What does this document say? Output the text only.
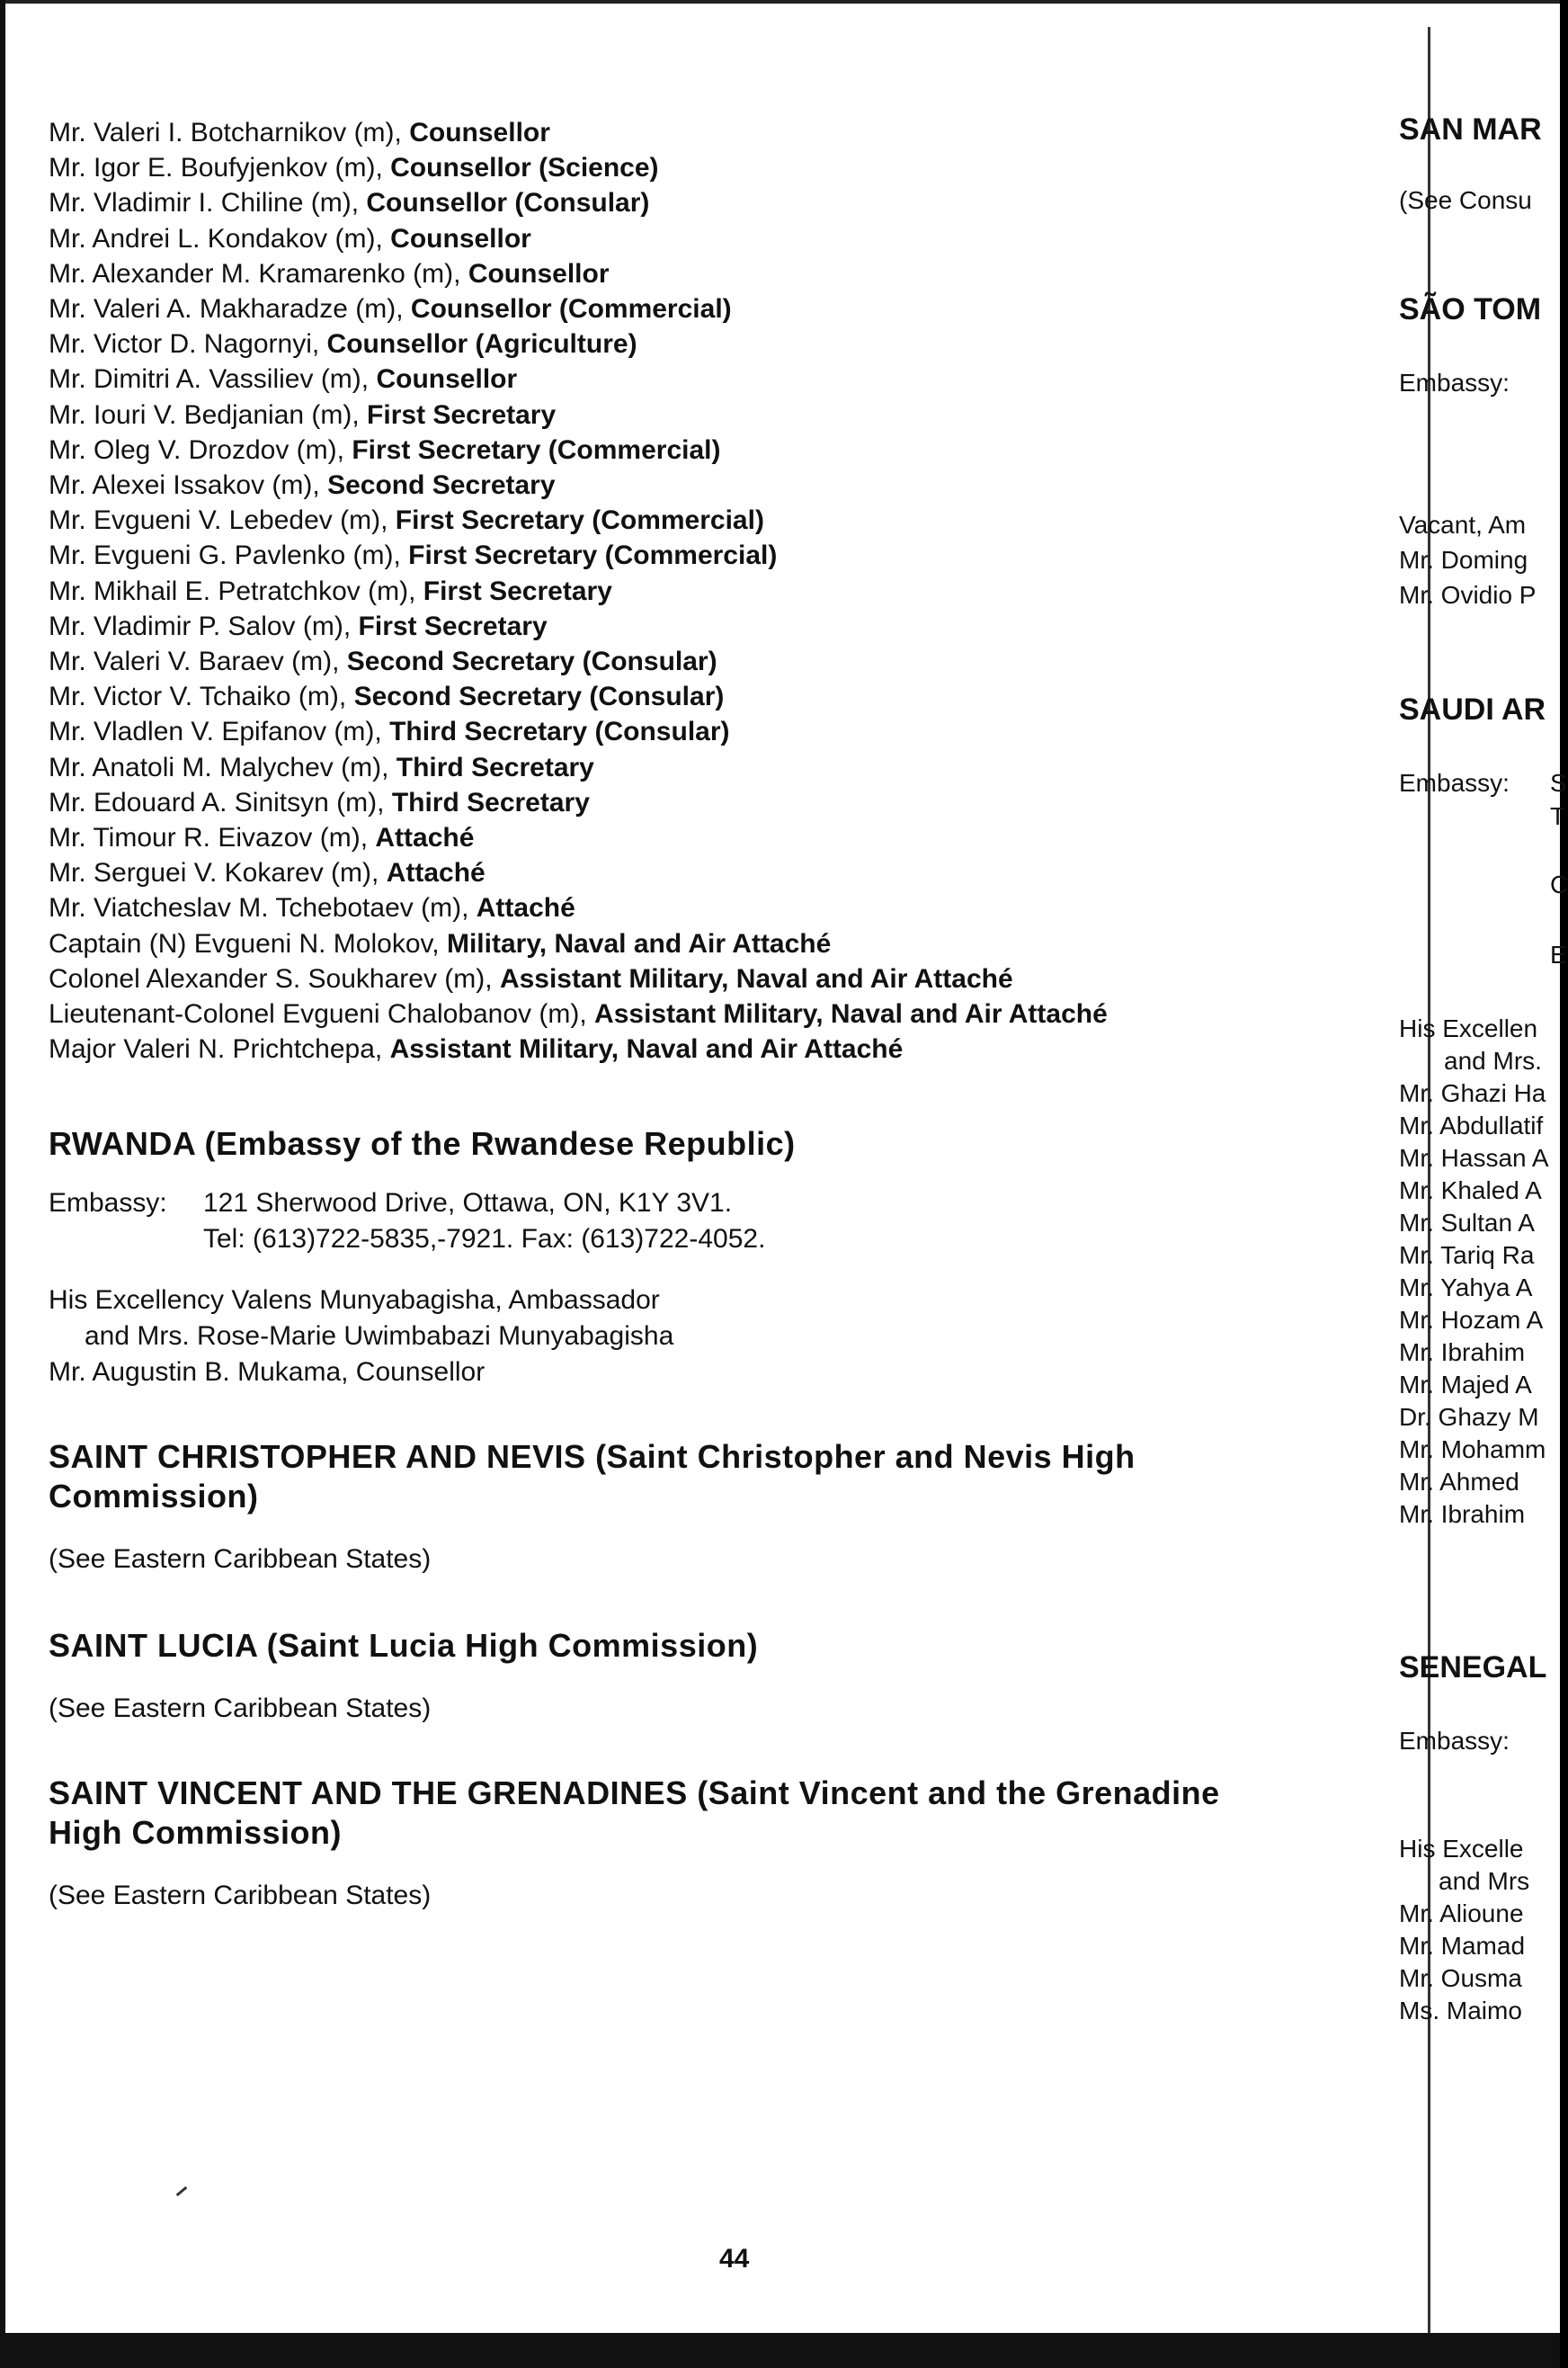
Mr. Valeri I. Botcharnikov (m), Counsellor
Mr. Igor E. Boufyjenkov (m), Counsellor (Science)
Mr. Vladimir I. Chiline (m), Counsellor (Consular)
Mr. Andrei L. Kondakov (m), Counsellor
Mr. Alexander M. Kramarenko (m), Counsellor
Mr. Valeri A. Makharadze (m), Counsellor (Commercial)
Mr. Victor D. Nagornyi, Counsellor (Agriculture)
Mr. Dimitri A. Vassiliev (m), Counsellor
Mr. Iouri V. Bedjanian (m), First Secretary
Mr. Oleg V. Drozdov (m), First Secretary (Commercial)
Mr. Alexei Issakov (m), Second Secretary
Mr. Evgueni V. Lebedev (m), First Secretary (Commercial)
Mr. Evgueni G. Pavlenko (m), First Secretary (Commercial)
Mr. Mikhail E. Petratchkov (m), First Secretary
Mr. Vladimir P. Salov (m), First Secretary
Mr. Valeri V. Baraev (m), Second Secretary (Consular)
Mr. Victor V. Tchaiko (m), Second Secretary (Consular)
Mr. Vladlen V. Epifanov (m), Third Secretary (Consular)
Mr. Anatoli M. Malychev (m), Third Secretary
Mr. Edouard A. Sinitsyn (m), Third Secretary
Mr. Timour R. Eivazov (m), Attaché
Mr. Serguei V. Kokarev (m), Attaché
Mr. Viatcheslav M. Tchebotaev (m), Attaché
Captain (N) Evgueni N. Molokov, Military, Naval and Air Attaché
Colonel Alexander S. Soukharev (m), Assistant Military, Naval and Air Attaché
Lieutenant-Colonel Evgueni Chalobanov (m), Assistant Military, Naval and Air Attaché
Major Valeri N. Prichtchepa, Assistant Military, Naval and Air Attaché
RWANDA (Embassy of the Rwandese Republic)
Embassy:	121 Sherwood Drive, Ottawa, ON, K1Y 3V1.
Tel: (613)722-5835,-7921. Fax: (613)722-4052.
His Excellency Valens Munyabagisha, Ambassador
and Mrs. Rose-Marie Uwimbabazi Munyabagisha
Mr. Augustin B. Mukama, Counsellor
SAINT CHRISTOPHER AND NEVIS (Saint Christopher and Nevis High Commission)
(See Eastern Caribbean States)
SAINT LUCIA (Saint Lucia High Commission)
(See Eastern Caribbean States)
SAINT VINCENT AND THE GRENADINES (Saint Vincent and the Grenadine
High Commission)
(See Eastern Caribbean States)
SAN MAR
(See Consu
SÃO TOM
Embassy:
Vacant, Am
Mr. Doming
Mr. Ovidio P
SAUDI AR
Embassy: S
T
C
E
His Excellen
and Mrs.
SENEGAL
Embassy:
His Excelle
and Mrs
Mr. Alioune
Mr. Mamad
Mr. Ousma
Ms. Maimo
Mr. Ghazi Ha
Mr. Abdullatif
Mr. Hassan A
Mr. Khaled A
Mr. Sultan A
Mr. Tariq Ra
Mr. Yahya A
Mr. Hozam A
Mr. Ibrahim
Mr. Majed A
Dr. Ghazy M
Mr. Mohamm
Mr. Ahmed
Mr. Ibrahim
44
